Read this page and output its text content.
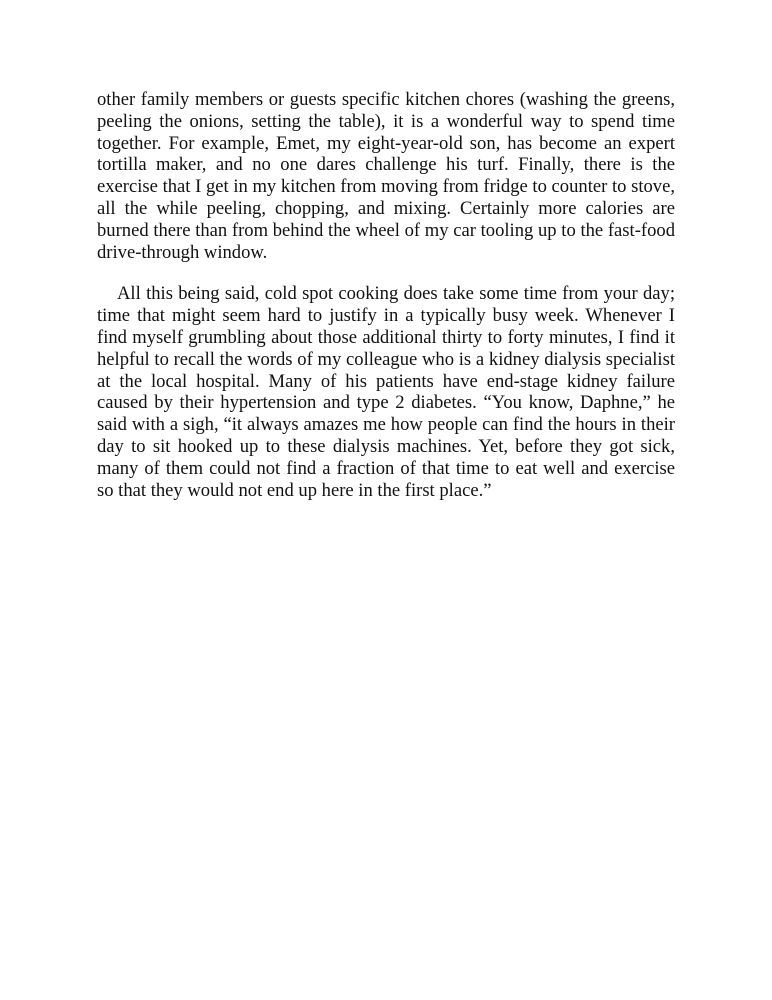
other family members or guests specific kitchen chores (washing the greens, peeling the onions, setting the table), it is a wonderful way to spend time together. For example, Emet, my eight-year-old son, has become an expert tortilla maker, and no one dares challenge his turf. Finally, there is the exercise that I get in my kitchen from moving from fridge to counter to stove, all the while peeling, chopping, and mixing. Certainly more calories are burned there than from behind the wheel of my car tooling up to the fast-food drive-through window.

All this being said, cold spot cooking does take some time from your day; time that might seem hard to justify in a typically busy week. Whenever I find myself grumbling about those additional thirty to forty minutes, I find it helpful to recall the words of my colleague who is a kidney dialysis specialist at the local hospital. Many of his patients have end-stage kidney failure caused by their hypertension and type 2 diabetes. “You know, Daphne,” he said with a sigh, “it always amazes me how people can find the hours in their day to sit hooked up to these dialysis machines. Yet, before they got sick, many of them could not find a fraction of that time to eat well and exercise so that they would not end up here in the first place.”
